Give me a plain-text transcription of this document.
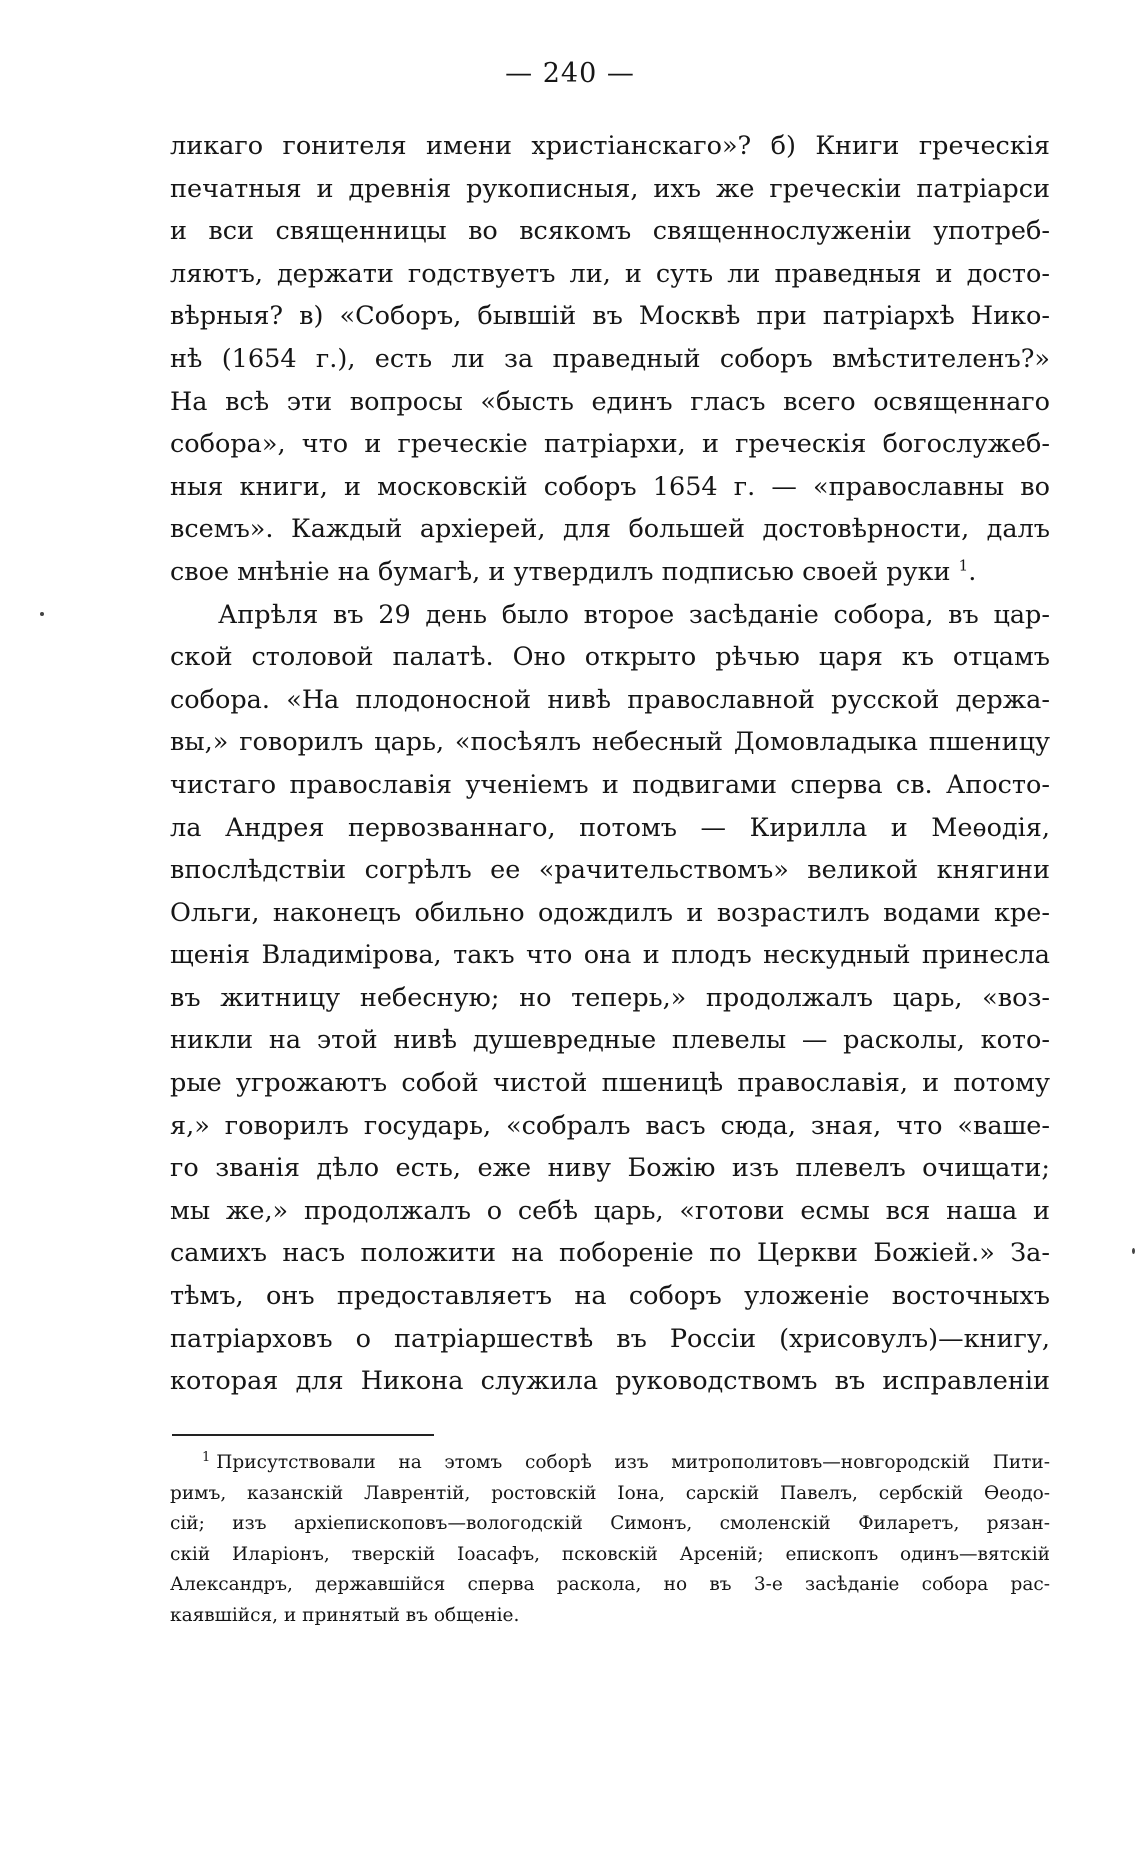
— 240 —
ликаго гонителя имени христіанскаго»? б) Книги греческія
печатныя и древнія рукописныя, ихъ же греческіи патріарси
и вси священницы во всякомъ священнослуженіи употреб-
ляютъ, держати годствуетъ ли, и суть ли праведныя и досто-
вѣрныя? в) «Соборъ, бывшій въ Москвѣ при патріархѣ Нико-
нѣ (1654 г.), есть ли за праведный соборъ вмѣстителенъ?»
На всѣ эти вопросы «бысть единъ гласъ всего освященнаго
собора», что и греческіе патріархи, и греческія богослужеб-
ныя книги, и московскій соборъ 1654 г. — «православны во
всемъ». Каждый архіерей, для большей достовѣрности, далъ
свое мнѣніе на бумагѣ, и утвердилъ подписью своей руки $^1$.
Апрѣля въ 29 день было второе засѣданіе собора, въ цар-
ской столовой палатѣ. Оно открыто рѣчью царя къ отцамъ
собора. «На плодоносной нивѣ православной русской держа-
вы,» говорилъ царь, «посѣялъ небесный Домовладыка пшеницу
чистаго православія ученіемъ и подвигами сперва св. Апосто-
ла Андрея первозваннаго, потомъ — Кирилла и Меѳодія,
впослѣдствіи согрѣлъ ее «рачительствомъ» великой княгини
Ольги, наконецъ обильно одождилъ и возрастилъ водами кре-
щенія Владимірова, такъ что она и плодъ нескудный принесла
въ житницу небесную; но теперь,» продолжалъ царь, «воз-
никли на этой нивѣ душевредные плевелы — расколы, кото-
рые угрожаютъ собой чистой пшеницѣ православія, и потому
я,» говорилъ государь, «собралъ васъ сюда, зная, что «ваше-
го званія дѣло есть, еже ниву Божію изъ плевелъ очищати;
мы же,» продолжалъ о себѣ царь, «готови есмы вся наша и
самихъ насъ положити на побореніе по Церкви Божіей.» За-
тѣмъ, онъ предоставляетъ на соборъ уложеніе восточныхъ
патріарховъ о патріаршествѣ въ Россіи (хрисовулъ)—книгу,
которая для Никона служила руководствомъ въ исправленіи
$^1$ Присутствовали на этомъ соборѣ изъ митрополитовъ—новгородскій Пити-
римъ, казанскій Лаврентій, ростовскій Іона, сарскій Павелъ, сербскій Ѳеодо-
сій; изъ архіепископовъ—вологодскій Симонъ, смоленскій Филаретъ, рязан-
скій Иларіонъ, тверскій Іоасафъ, псковскій Арсеній; епископъ одинъ—вятскій
Александръ, державшійся сперва раскола, но въ 3-е засѣданіе собора рас-
каявшійся, и принятый въ общеніе.
